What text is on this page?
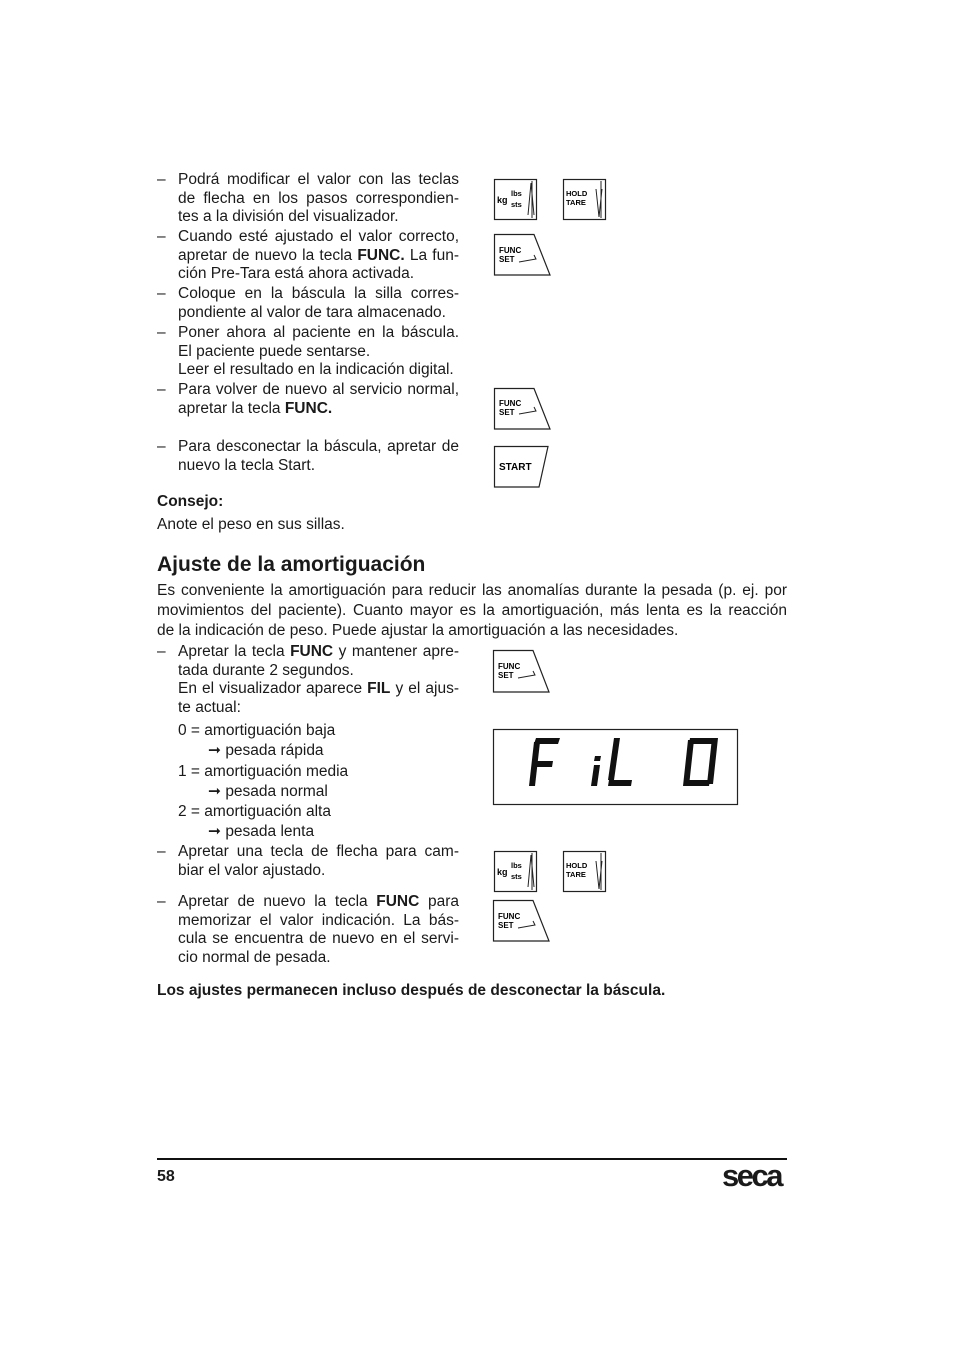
– Podrá modificar el valor con las teclas
de flecha en los pasos correspondien-
tes a la división del visualizador.
– Cuando esté ajustado el valor correcto,
apretar de nuevo la tecla FUNC. La fun-
ción Pre-Tara está ahora activada.
– Coloque en la báscula la silla corres-
pondiente al valor de tara almacenado.
– Poner ahora al paciente en la báscula.
El paciente puede sentarse.
Leer el resultado en la indicación digital.
– Para volver de nuevo al servicio normal,
apretar la tecla FUNC.
– Para desconectar la báscula, apretar de
nuevo la tecla Start.
Consejo:
Anote el peso en sus sillas.
Ajuste de la amortiguación
Es conveniente la amortiguación para reducir las anomalías durante la pesada (p. ej. por
movimientos del paciente). Cuanto mayor es la amortiguación, más lenta es la reacción
de la indicación de peso. Puede ajustar la amortiguación a las necesidades.
– Apretar la tecla FUNC y mantener apre-
tada durante 2 segundos.
En el visualizador aparece FIL y el ajus-
te actual:
0 = amortiguación baja
➞ pesada rápida
1 = amortiguación media
➞ pesada normal
2 = amortiguación alta
➞ pesada lenta
– Apretar una tecla de flecha para cam-
biar el valor ajustado.
– Apretar de nuevo la tecla FUNC para
memorizar el valor indicación. La bás-
cula se encuentra de nuevo en el servi-
cio normal de pesada.
Los ajustes permanecen incluso después de desconectar la báscula.
kg
lbs
sts
HOLD
TARE
FUNC
SET
FUNC
SET
START
FUNC
SET
kg
lbs
sts
HOLD
TARE
FUNC
SET
58	seca
